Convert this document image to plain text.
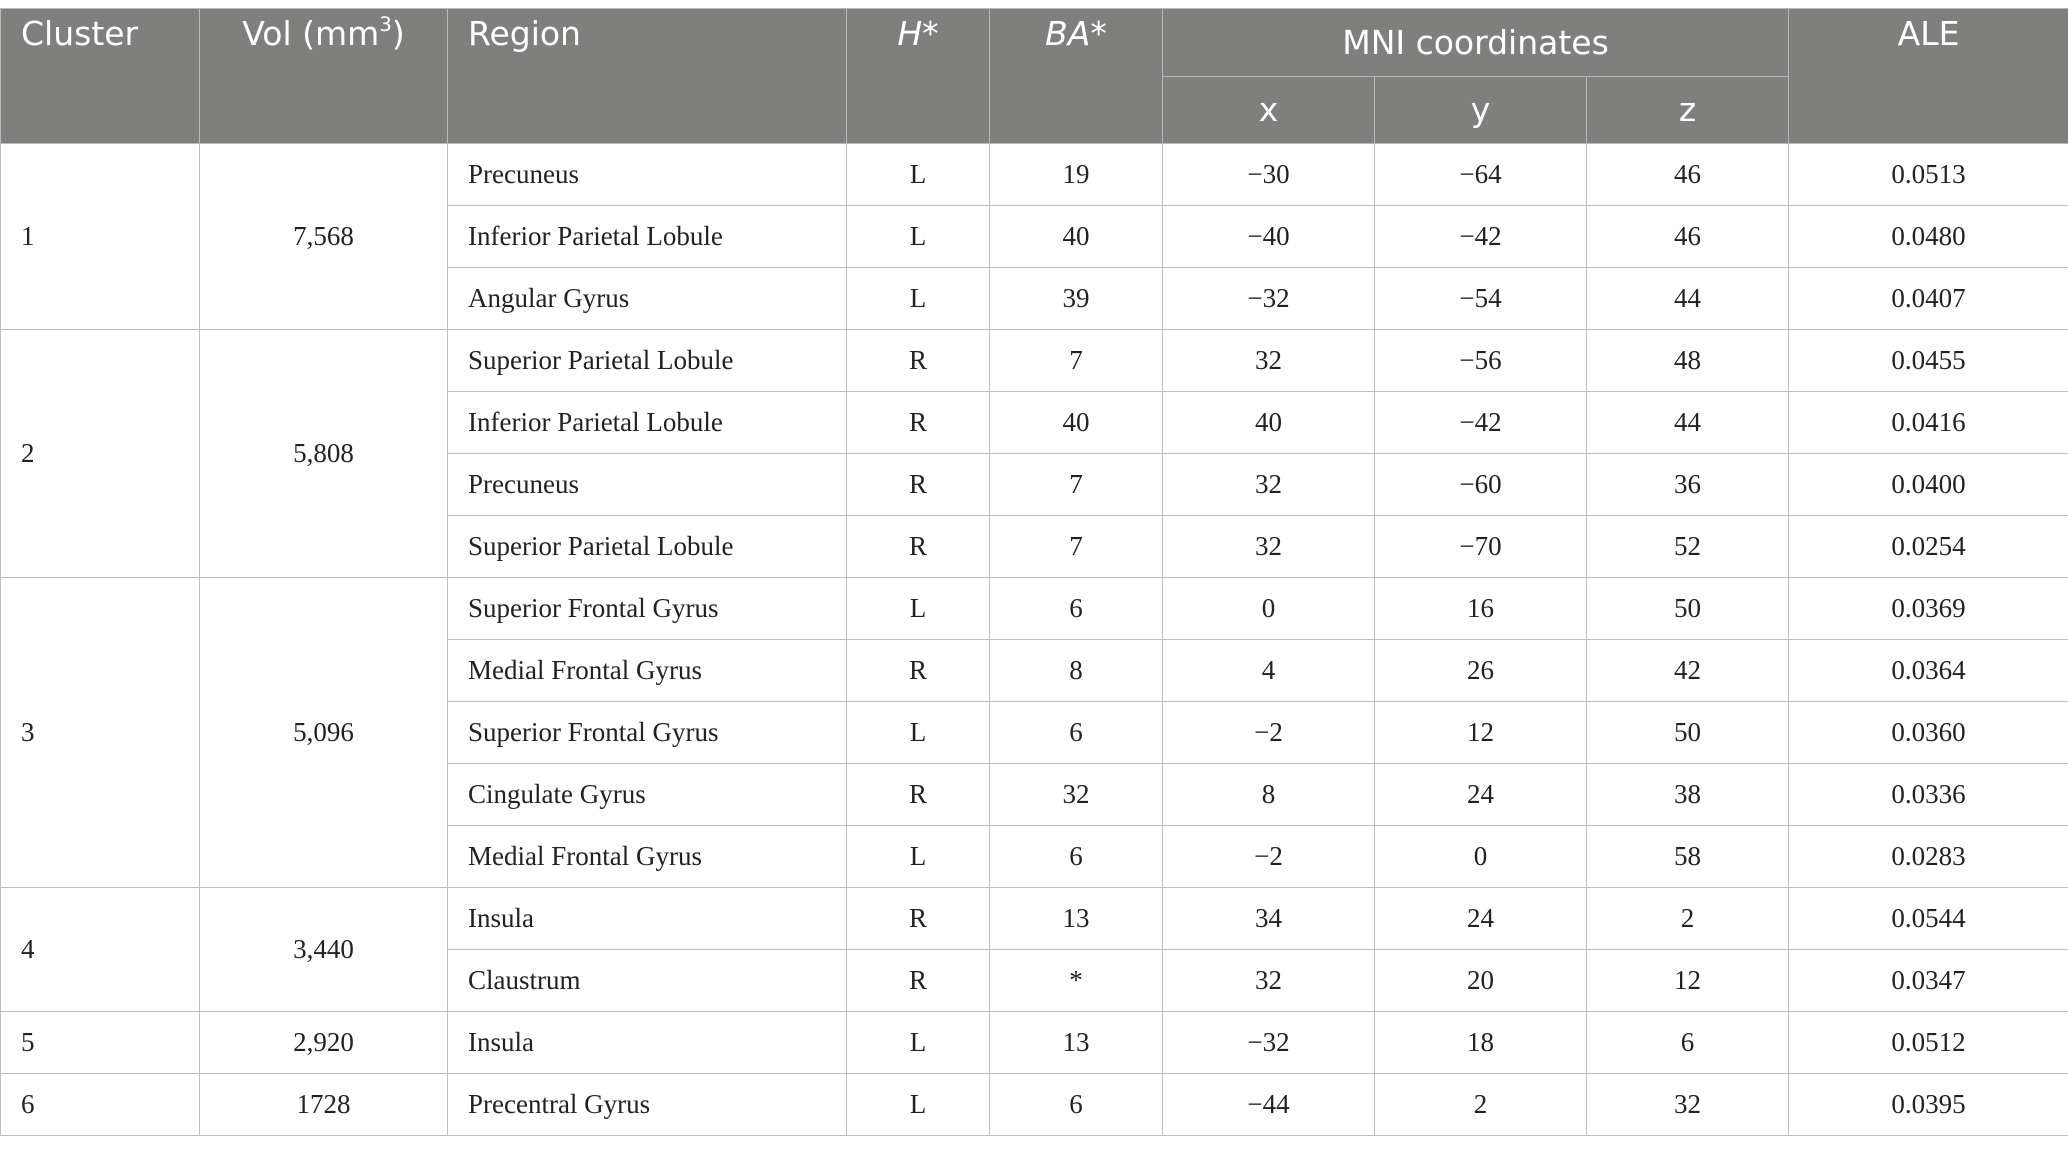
Cluster	Vol $(mm^3)$	Region	H*	BA*	MNI coordinates			ALE
					x	y	z	
1	7,568	Precuneus	L	19	−30	−64	46	0.0513
		Inferior Parietal Lobule	L	40	−40	−42	46	0.0480
		Angular Gyrus	L	39	−32	−54	44	0.0407
2	5,808	Superior Parietal Lobule	R	7	32	−56	48	0.0455
		Inferior Parietal Lobule	R	40	40	−42	44	0.0416
		Precuneus	R	7	32	−60	36	0.0400
		Superior Parietal Lobule	R	7	32	−70	52	0.0254
3	5,096	Superior Frontal Gyrus	L	6	0	16	50	0.0369
		Medial Frontal Gyrus	R	8	4	26	42	0.0364
		Superior Frontal Gyrus	L	6	−2	12	50	0.0360
		Cingulate Gyrus	R	32	8	24	38	0.0336
		Medial Frontal Gyrus	L	6	−2	0	58	0.0283
4	3,440	Insula	R	13	34	24	2	0.0544
		Claustrum	R	*	32	20	12	0.0347
5	2,920	Insula	L	13	−32	18	6	0.0512
6	1728	Precentral Gyrus	L	6	−44	2	32	0.0395
